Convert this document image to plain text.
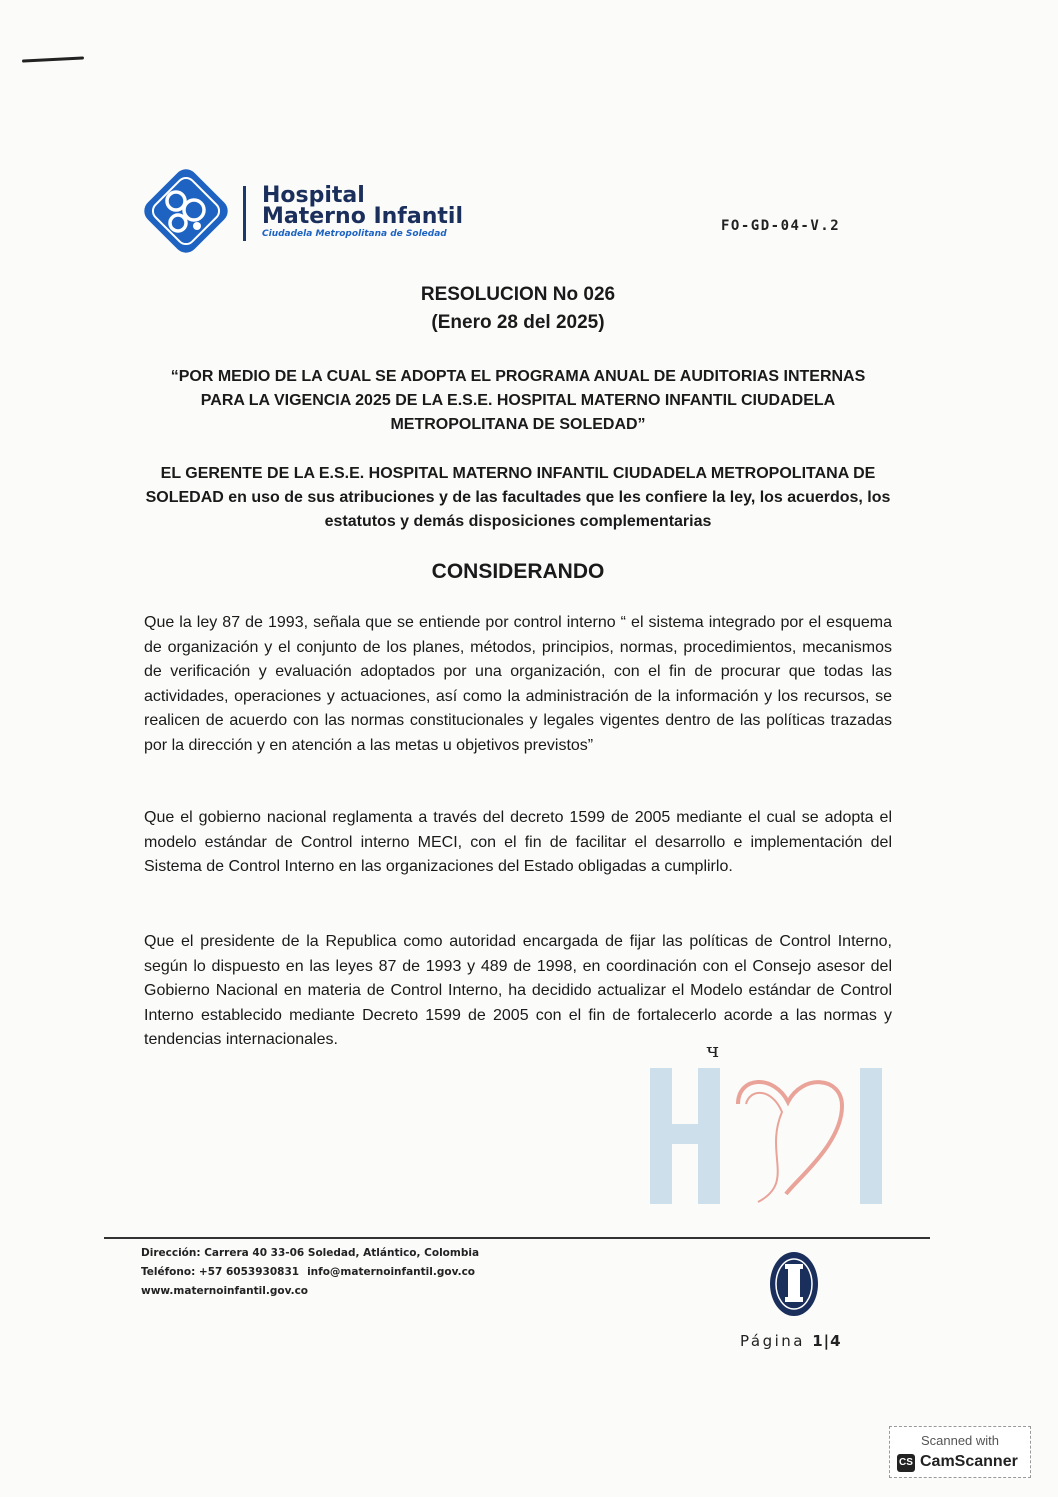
Hospital
Materno Infantil
Ciudadela Metropolitana de Soledad	FO-GD-04-V.2
RESOLUCION No 026
(Enero 28 del 2025)
“POR MEDIO DE LA CUAL SE ADOPTA EL PROGRAMA ANUAL DE AUDITORIAS INTERNAS PARA LA VIGENCIA 2025 DE LA E.S.E. HOSPITAL MATERNO INFANTIL CIUDADELA METROPOLITANA DE SOLEDAD”
EL GERENTE DE LA E.S.E. HOSPITAL MATERNO INFANTIL CIUDADELA METROPOLITANA DE SOLEDAD en uso de sus atribuciones y de las facultades que les confiere la ley, los acuerdos, los estatutos y demás disposiciones complementarias
CONSIDERANDO
Que la ley 87 de 1993, señala que se entiende por control interno “ el sistema integrado por el esquema de organización y el conjunto de los planes, métodos, principios, normas, procedimientos, mecanismos de verificación y evaluación adoptados por una organización, con el fin de procurar que todas las actividades, operaciones y actuaciones, así como la administración de la información y los recursos, se realicen de acuerdo con las normas constitucionales y legales vigentes dentro de las políticas trazadas por la dirección y en atención a las metas u objetivos previstos”
Que el gobierno nacional reglamenta a través del decreto 1599 de 2005 mediante el cual se adopta el modelo estándar de Control interno MECI, con el fin de facilitar el desarrollo e implementación del Sistema de Control Interno en las organizaciones del Estado obligadas a cumplirlo.
Que el presidente de la Republica como autoridad encargada de fijar las políticas de Control Interno, según lo dispuesto en las leyes 87 de 1993 y 489 de 1998, en coordinación con el Consejo asesor del Gobierno Nacional en materia de Control Interno, ha decidido actualizar el Modelo estándar de Control Interno establecido mediante Decreto 1599 de 2005 con el fin de fortalecerlo acorde a las normas y tendencias internacionales.	ч
Dirección: Carrera 40 33-06 Soledad, Atlántico, Colombia
Teléfono: +57 6053930831 info@maternoinfantil.gov.co
www.maternoinfantil.gov.co
Página 1|4
Scanned with
CS CamScanner
